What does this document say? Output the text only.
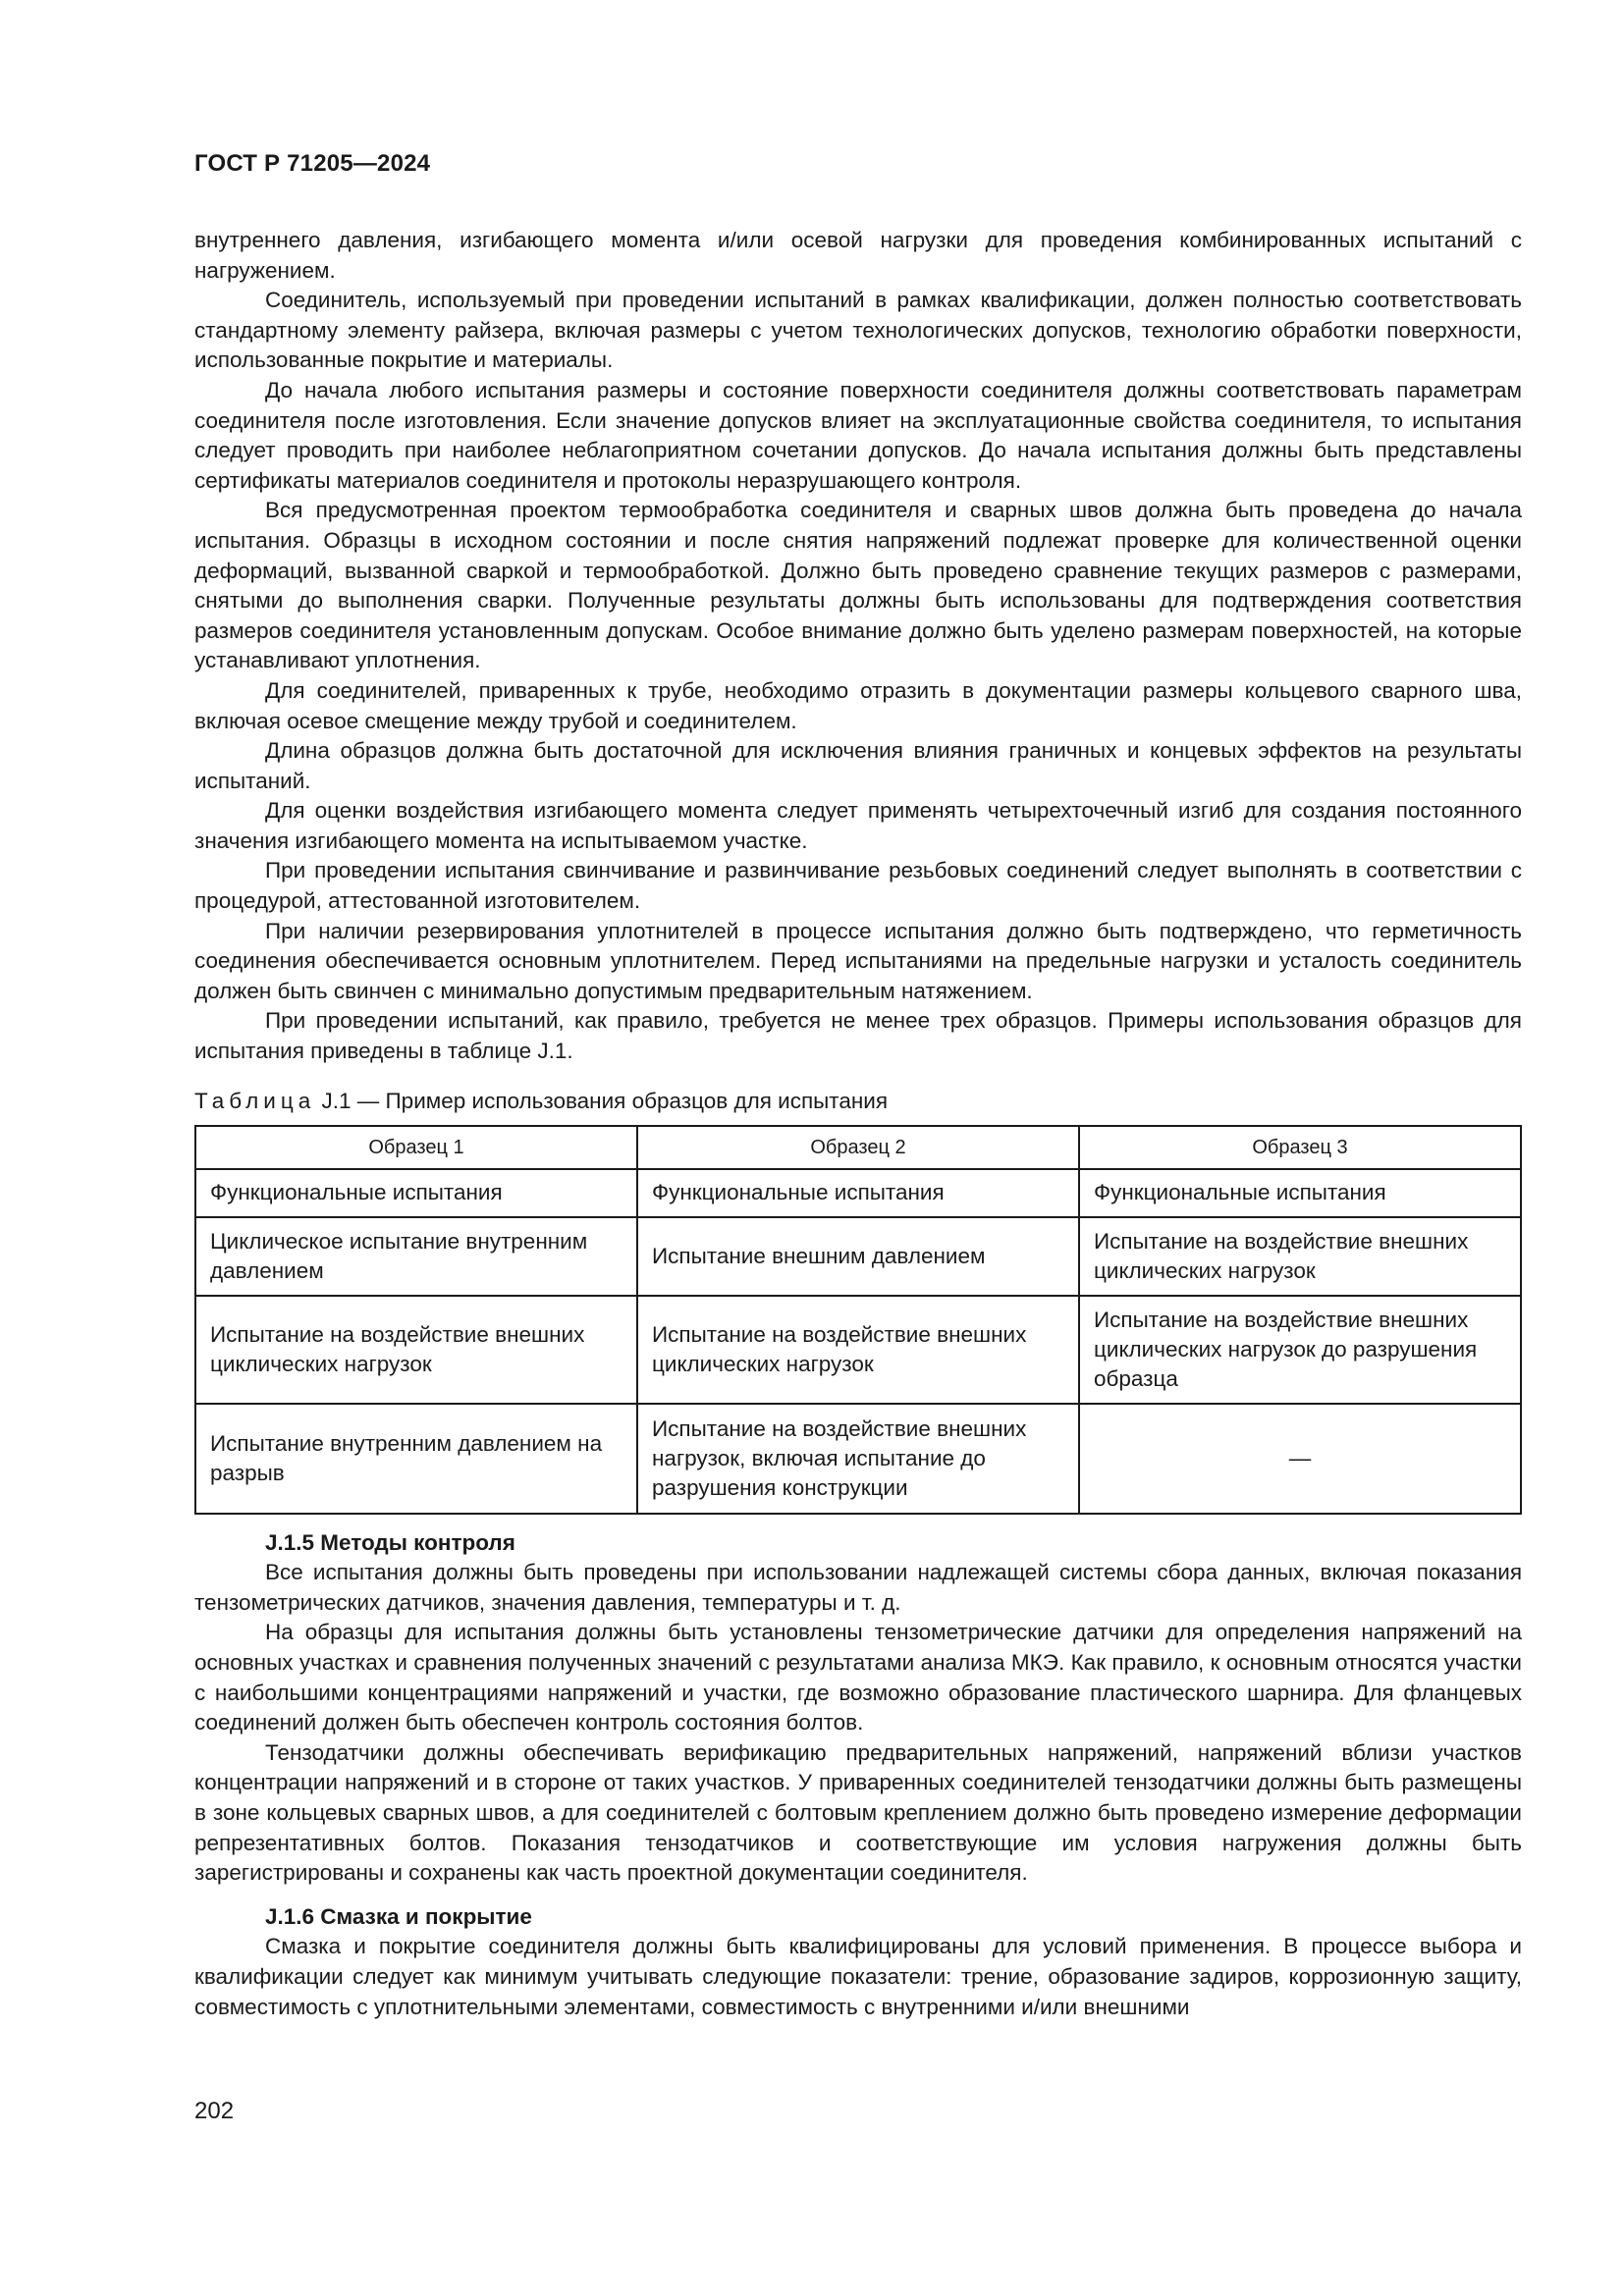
ГОСТ Р 71205—2024

внутреннего давления, изгибающего момента и/или осевой нагрузки для проведения комбинированных испытаний с нагружением.

Соединитель, используемый при проведении испытаний в рамках квалификации, должен полностью соответствовать стандартному элементу райзера, включая размеры с учетом технологических допусков, технологию обработки поверхности, использованные покрытие и материалы.

До начала любого испытания размеры и состояние поверхности соединителя должны соответствовать параметрам соединителя после изготовления. Если значение допусков влияет на эксплуатационные свойства соединителя, то испытания следует проводить при наиболее неблагоприятном сочетании допусков. До начала испытания должны быть представлены сертификаты материалов соединителя и протоколы неразрушающего контроля.

Вся предусмотренная проектом термообработка соединителя и сварных швов должна быть проведена до начала испытания. Образцы в исходном состоянии и после снятия напряжений подлежат проверке для количественной оценки деформаций, вызванной сваркой и термообработкой. Должно быть проведено сравнение текущих размеров с размерами, снятыми до выполнения сварки. Полученные результаты должны быть использованы для подтверждения соответствия размеров соединителя установленным допускам. Особое внимание должно быть уделено размерам поверхностей, на которые устанавливают уплотнения.

Для соединителей, приваренных к трубе, необходимо отразить в документации размеры кольцевого сварного шва, включая осевое смещение между трубой и соединителем.

Длина образцов должна быть достаточной для исключения влияния граничных и концевых эффектов на результаты испытаний.

Для оценки воздействия изгибающего момента следует применять четырехточечный изгиб для создания постоянного значения изгибающего момента на испытываемом участке.

При проведении испытания свинчивание и развинчивание резьбовых соединений следует выполнять в соответствии с процедурой, аттестованной изготовителем.

При наличии резервирования уплотнителей в процессе испытания должно быть подтверждено, что герметичность соединения обеспечивается основным уплотнителем. Перед испытаниями на предельные нагрузки и усталость соединитель должен быть свинчен с минимально допустимым предварительным натяжением.

При проведении испытаний, как правило, требуется не менее трех образцов. Примеры использования образцов для испытания приведены в таблице J.1.

Таблица J.1 — Пример использования образцов для испытания
Образец 1	Образец 2	Образец 3
Функциональные испытания	Функциональные испытания	Функциональные испытания
Циклическое испытание внутренним давлением	Испытание внешним давлением	Испытание на воздействие внешних циклических нагрузок
Испытание на воздействие внешних циклических нагрузок	Испытание на воздействие внешних циклических нагрузок	Испытание на воздействие внешних циклических нагрузок до разрушения образца
Испытание внутренним давлением на разрыв	Испытание на воздействие внешних нагрузок, включая испытание до разрушения конструкции	—

J.1.5 Методы контроля

Все испытания должны быть проведены при использовании надлежащей системы сбора данных, включая показания тензометрических датчиков, значения давления, температуры и т. д.

На образцы для испытания должны быть установлены тензометрические датчики для определения напряжений на основных участках и сравнения полученных значений с результатами анализа МКЭ. Как правило, к основным относятся участки с наибольшими концентрациями напряжений и участки, где возможно образование пластического шарнира. Для фланцевых соединений должен быть обеспечен контроль состояния болтов.

Тензодатчики должны обеспечивать верификацию предварительных напряжений, напряжений вблизи участков концентрации напряжений и в стороне от таких участков. У приваренных соединителей тензодатчики должны быть размещены в зоне кольцевых сварных швов, а для соединителей с болтовым креплением должно быть проведено измерение деформации репрезентативных болтов. Показания тензодатчиков и соответствующие им условия нагружения должны быть зарегистрированы и сохранены как часть проектной документации соединителя.

J.1.6 Смазка и покрытие

Смазка и покрытие соединителя должны быть квалифицированы для условий применения. В процессе выбора и квалификации следует как минимум учитывать следующие показатели: трение, образование задиров, коррозионную защиту, совместимость с уплотнительными элементами, совместимость с внутренними и/или внешними

202
